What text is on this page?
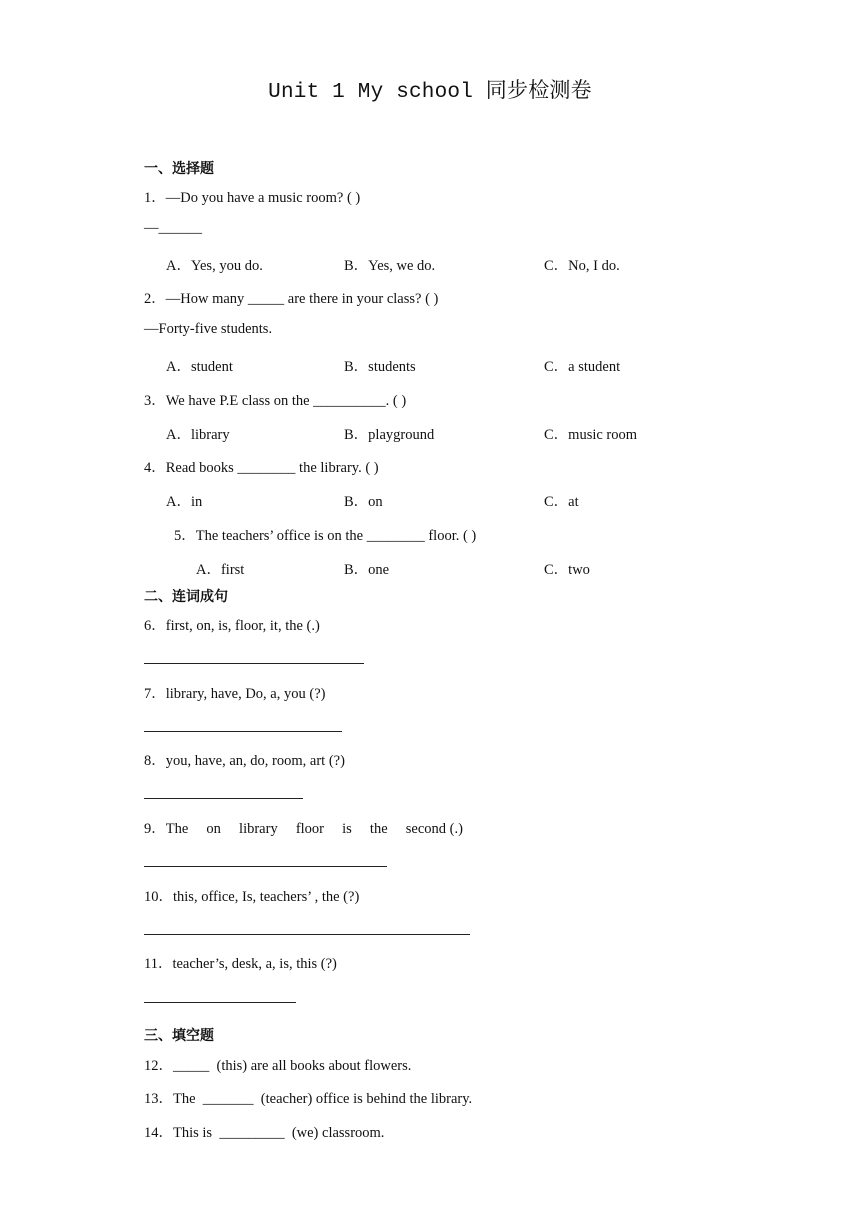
Unit 1 My school 同步检测卷
一、选择题
1．—Do you have a music room? ( )
—______
A．Yes, you do.	B．Yes, we do.	C．No, I do.
2．—How many _____ are there in your class? ( )
—Forty-five students.
A．student	B．students	C．a student
3．We have P.E class on the __________. ( )
A．library	B．playground	C．music room
4．Read books ________ the library. ( )
A．in	B．on	C．at
5．The teachers’ office is on the ________ floor. ( )
A．first	B．one	C．two
二、连词成句
6．first, on, is, floor, it, the (.)
7．library, have, Do, a, you (?)
8．you, have, an, do, room, art (?)
9．The     on     library     floor     is     the     second (.)
10．this, office, Is, teachers’ , the (?)
11．teacher’s, desk, a, is, this (?)
三、填空题
12．_____  (this) are all books about flowers.
13．The  _______  (teacher) office is behind the library.
14．This is  _________  (we) classroom.
